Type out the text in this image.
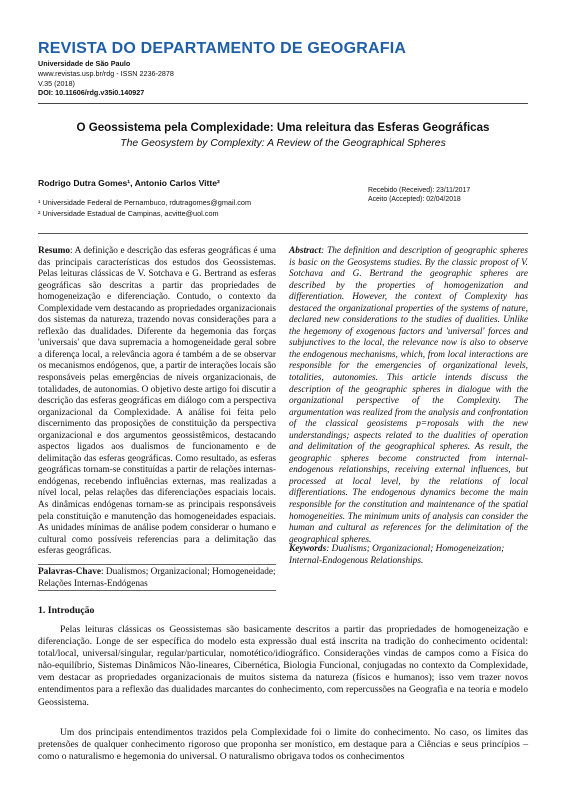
REVISTA DO DEPARTAMENTO DE GEOGRAFIA
Universidade de São Paulo
www.revistas.usp.br/rdg - ISSN 2236-2878
V.35 (2018)
DOI: 10.11606/rdg.v35i0.140927
O Geossistema pela Complexidade: Uma releitura das Esferas Geográficas
The Geosystem by Complexity: A Review of the Geographical Spheres
Rodrigo Dutra Gomes¹, Antonio Carlos Vitte²
Recebido (Received): 23/11/2017
Aceito (Accepted): 02/04/2018
¹ Universidade Federal de Pernambuco, rdutragomes@gmail.com
² Universidade Estadual de Campinas, acvitte@uol.com
Resumo: A definição e descrição das esferas geográficas é uma das principais características dos estudos dos Geossistemas. Pelas leituras clássicas de V. Sotchava e G. Bertrand as esferas geográficas são descritas a partir das propriedades de homogeneização e diferenciação. Contudo, o contexto da Complexidade vem destacando as propriedades organizacionais dos sistemas da natureza, trazendo novas considerações para a reflexão das dualidades. Diferente da hegemonia das forças 'universais' que dava supremacia a homogeneidade geral sobre a diferença local, a relevância agora é também a de se observar os mecanismos endógenos, que, a partir de interações locais são responsáveis pelas emergências de níveis organizacionais, de totalidades, de autonomias. O objetivo deste artigo foi discutir a descrição das esferas geográficas em diálogo com a perspectiva organizacional da Complexidade. A análise foi feita pelo discernimento das proposições de constituição da perspectiva organizacional e dos argumentos geossistêmicos, destacando aspectos ligados aos dualismos de funcionamento e de delimitação das esferas geográficas. Como resultado, as esferas geográficas tornam-se constituídas a partir de relações internas-endógenas, recebendo influências externas, mas realizadas a nível local, pelas relações das diferenciações espaciais locais. As dinâmicas endógenas tornam-se as principais responsáveis pela constituição e manutenção das homogeneidades espaciais. As unidades mínimas de análise podem considerar o humano e cultural como possíveis referencias para a delimitação das esferas geográficas.
Abstract: The definition and description of geographic spheres is basic on the Geosystems studies. By the classic propost of V. Sotchava and G. Bertrand the geographic spheres are described by the properties of homogenization and differentiation. However, the context of Complexity has destaced the organizational properties of the systems of nature, declared new considerations to the studies of dualities. Unlike the hegemony of exogenous factors and 'universal' forces and subjunctives to the local, the relevance now is also to observe the endogenous mechanisms, which, from local interactions are responsible for the emergencies of organizational levels, totalities, autonomies. This article intends discuss the description of the geographic spheres in dialogue with the organizational perspective of the Complexity. The argumentation was realized from the analysis and confrontation of the classical geosistems p=roposals with the new understandings; aspects related to the dualities of operation and delimitation of the geographical spheres. As result, the geographic spheres become constructed from internal-endogenous relationships, receiving external influences, but processed at local level, by the relations of local differentiations. The endogenous dynamics become the main responsible for the constitution and maintenance of the spatial homogeneities. The minimum units of analysis can consider the human and cultural as references for the delimitation of the geographical spheres.
Keywords: Dualisms; Organizacional; Homogeneization; Internal-Endogenous Relationships.
Palavras-Chave: Dualismos; Organizacional; Homogeneidade; Relações Internas-Endógenas
1. Introdução
Pelas leituras clássicas os Geossistemas são basicamente descritos a partir das propriedades de homogeneização e diferenciação. Longe de ser específica do modelo esta expressão dual está inscrita na tradição do conhecimento ocidental: total/local, universal/singular, regular/particular, nomotético/idiográfico. Considerações vindas de campos como a Física do não-equilíbrio, Sistemas Dinâmicos Não-lineares, Cibernética, Biologia Funcional, conjugadas no contexto da Complexidade, vem destacar as propriedades organizacionais de muitos sistema da natureza (físicos e humanos); isso vem trazer novos entendimentos para a reflexão das dualidades marcantes do conhecimento, com repercussões na Geografia e na teoria e modelo Geossistema.
Um dos principais entendimentos trazidos pela Complexidade foi o limite do conhecimento. No caso, os limites das pretensões de qualquer conhecimento rigoroso que proponha ser monístico, em destaque para a Ciências e seus princípios – como o naturalismo e hegemonia do universal. O naturalismo obrigava todos os conhecimentos
